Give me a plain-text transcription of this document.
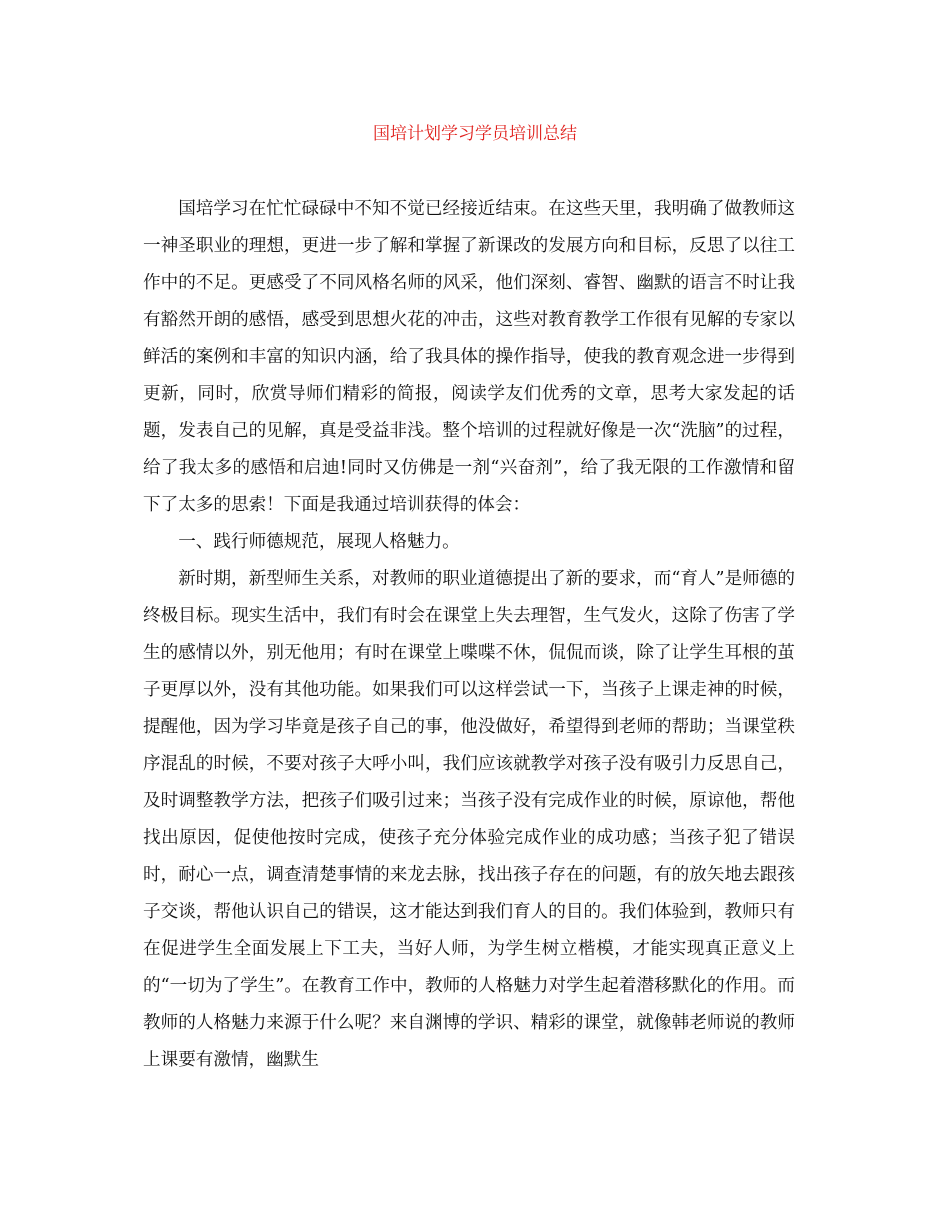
国培计划学习学员培训总结

国培学习在忙忙碌碌中不知不觉已经接近结束。在这些天里，我明确了做教师这一神圣职业的理想，更进一步了解和掌握了新课改的发展方向和目标，反思了以往工作中的不足。更感受了不同风格名师的风采，他们深刻、睿智、幽默的语言不时让我有豁然开朗的感悟，感受到思想火花的冲击，这些对教育教学工作很有见解的专家以鲜活的案例和丰富的知识内涵，给了我具体的操作指导，使我的教育观念进一步得到更新，同时，欣赏导师们精彩的简报，阅读学友们优秀的文章，思考大家发起的话题，发表自己的见解，真是受益非浅。整个培训的过程就好像是一次“洗脑”的过程，给了我太多的感悟和启迪!同时又仿佛是一剂“兴奋剂”，给了我无限的工作激情和留下了太多的思索！下面是我通过培训获得的体会：

一、践行师德规范，展现人格魅力。

新时期，新型师生关系，对教师的职业道德提出了新的要求，而“育人”是师德的终极目标。现实生活中，我们有时会在课堂上失去理智，生气发火，这除了伤害了学生的感情以外，别无他用；有时在课堂上喋喋不休，侃侃而谈，除了让学生耳根的茧子更厚以外，没有其他功能。如果我们可以这样尝试一下，当孩子上课走神的时候，提醒他，因为学习毕竟是孩子自己的事，他没做好，希望得到老师的帮助；当课堂秩序混乱的时候，不要对孩子大呼小叫，我们应该就教学对孩子没有吸引力反思自己，及时调整教学方法，把孩子们吸引过来；当孩子没有完成作业的时候，原谅他，帮他找出原因，促使他按时完成，使孩子充分体验完成作业的成功感；当孩子犯了错误时，耐心一点，调查清楚事情的来龙去脉，找出孩子存在的问题，有的放矢地去跟孩子交谈，帮他认识自己的错误，这才能达到我们育人的目的。我们体验到，教师只有在促进学生全面发展上下工夫，当好人师，为学生树立楷模，才能实现真正意义上的“一切为了学生”。在教育工作中，教师的人格魅力对学生起着潜移默化的作用。而教师的人格魅力来源于什么呢？来自渊博的学识、精彩的课堂，就像韩老师说的教师上课要有激情，幽默生
